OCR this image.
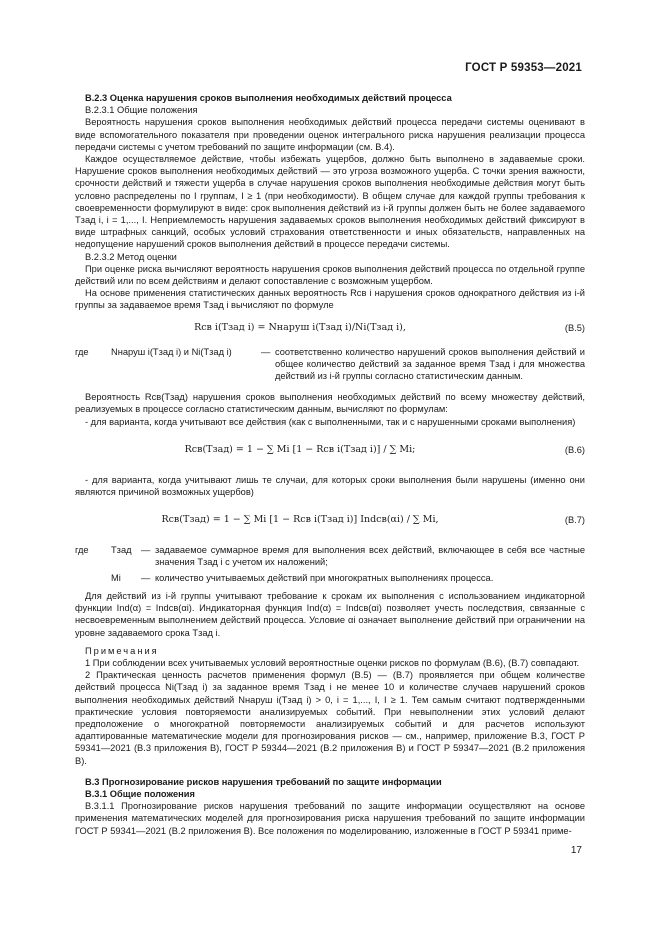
ГОСТ Р 59353—2021

В.2.3 Оценка нарушения сроков выполнения необходимых действий процесса

В.2.3.1 Общие положения

Вероятность нарушения сроков выполнения необходимых действий процесса передачи системы оценивают в виде вспомогательного показателя при проведении оценок интегрального риска нарушения реализации процесса передачи системы с учетом требований по защите информации (см. В.4).

Каждое осуществляемое действие, чтобы избежать ущербов, должно быть выполнено в задаваемые сроки. Нарушение сроков выполнения необходимых действий — это угроза возможного ущерба. С точки зрения важности, срочности действий и тяжести ущерба в случае нарушения сроков выполнения необходимые действия могут быть условно распределены по I группам, I ≥ 1 (при необходимости). В общем случае для каждой группы требования к своевременности формулируют в виде: срок выполнения действий из i-й группы должен быть не более задаваемого Tзад i, i = 1,..., I. Неприемлемость нарушения задаваемых сроков выполнения необходимых действий фиксируют в виде штрафных санкций, особых условий страхования ответственности и иных обязательств, направленных на недопущение нарушений сроков выполнения действий в процессе передачи системы.

В.2.3.2 Метод оценки

При оценке риска вычисляют вероятность нарушения сроков выполнения действий процесса по отдельной группе действий или по всем действиям и делают сопоставление с возможным ущербом.

На основе применения статистических данных вероятность Rсв i нарушения сроков однократного действия из i-й группы за задаваемое время Tзад i вычисляют по формуле

Rсв i(Tзад i) = Nнаруш i(Tзад i)/Ni(Tзад i),	(В.5)
где	Nнаруш i(Tзад i) и Ni(Tзад i)	— соответственно количество нарушений сроков выполнения действий и общее количество действий за заданное время Tзад i для множества действий из i-й группы согласно статистическим данным.

Вероятность Rсв(Tзад) нарушения сроков выполнения необходимых действий по всему множеству действий, реализуемых в процессе согласно статистическим данным, вычисляют по формулам:

- для варианта, когда учитывают все действия (как с выполненными, так и с нарушенными сроками выполнения)

Rсв(Tзад) = 1 − ∑ Mi [1 − Rсв i(Tзад i)] / ∑ Mi;	(В.6)

- для варианта, когда учитывают лишь те случаи, для которых сроки выполнения были нарушены (именно они являются причиной возможных ущербов)

Rсв(Tзад) = 1 − ∑ Mi [1 − Rсв i(Tзад i)] Indсв(αi) / ∑ Mi,	(В.7)
где	Tзад	— задаваемое суммарное время для выполнения всех действий, включающее в себя все частные значения Tзад i с учетом их наложений;
Mi	— количество учитываемых действий при многократных выполнениях процесса.

Для действий из i-й группы учитывают требование к срокам их выполнения с использованием индикаторной функции Ind(α) = Indсв(αi). Индикаторная функция Ind(α) = Indсв(αi) позволяет учесть последствия, связанные с несвоевременным выполнением действий процесса. Условие αi означает выполнение действий при ограничении на уровне задаваемого срока Tзад i.

Примечания

1 При соблюдении всех учитываемых условий вероятностные оценки рисков по формулам (В.6), (В.7) совпадают.

2 Практическая ценность расчетов применения формул (В.5) — (В.7) проявляется при общем количестве действий процесса Ni(Tзад i) за заданное время Tзад i не менее 10 и количестве случаев нарушений сроков выполнения необходимых действий Nнаруш i(Tзад i) > 0, i = 1,..., I, I ≥ 1. Тем самым считают подтвержденными практические условия повторяемости анализируемых событий. При невыполнении этих условий делают предположение о многократной повторяемости анализируемых событий и для расчетов используют адаптированные математические модели для прогнозирования рисков — см., например, приложение В.3, ГОСТ Р 59341—2021 (В.3 приложения В), ГОСТ Р 59344—2021 (В.2 приложения В) и ГОСТ Р 59347—2021 (В.2 приложения В).

В.3 Прогнозирование рисков нарушения требований по защите информации

В.3.1 Общие положения

В.3.1.1 Прогнозирование рисков нарушения требований по защите информации осуществляют на основе применения математических моделей для прогнозирования риска нарушения требований по защите информации ГОСТ Р 59341—2021 (В.2 приложения В). Все положения по моделированию, изложенные в ГОСТ Р 59341 приме-

17
